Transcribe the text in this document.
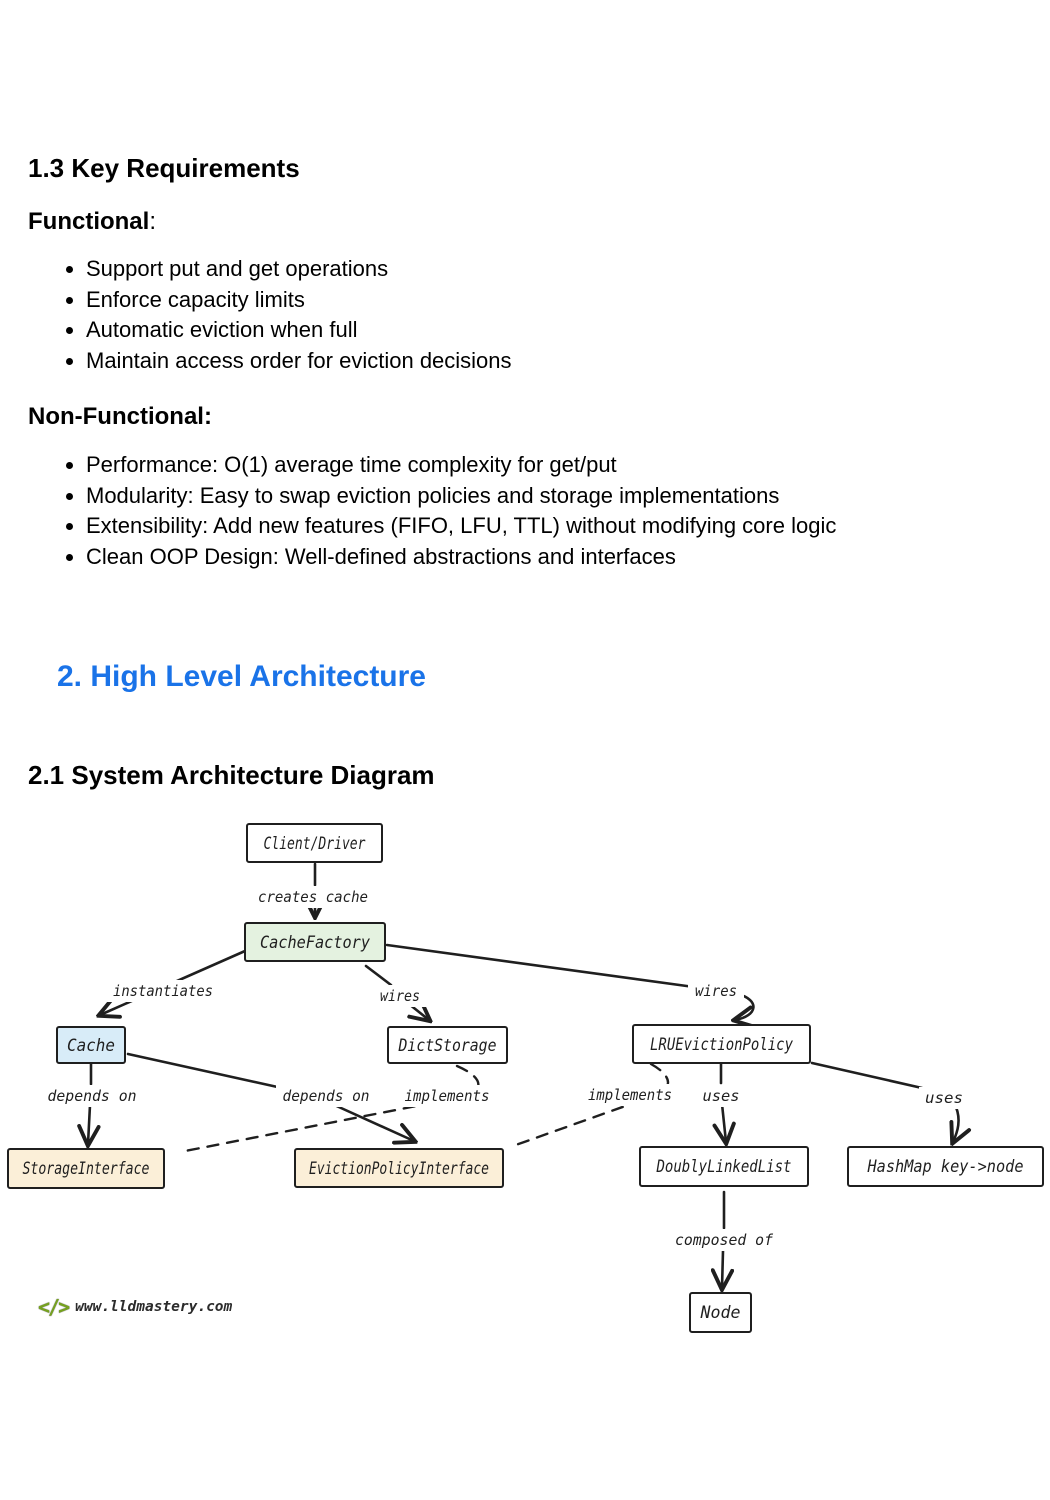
1.3 Key Requirements
Functional:
• Support put and get operations
• Enforce capacity limits
• Automatic eviction when full
• Maintain access order for eviction decisions
Non-Functional:
• Performance: O(1) average time complexity for get/put
• Modularity: Easy to swap eviction policies and storage implementations
• Extensibility: Add new features (FIFO, LFU, TTL) without modifying core logic
• Clean OOP Design: Well-defined abstractions and interfaces
2. High Level Architecture
2.1 System Architecture Diagram
creates cache
instantiates	wires	wires
depends on	depends on implements	implements uses	uses
composed of
Client/Driver
CacheFactory
Cache	DictStorage	LRUEvictionPolicy
StorageInterface	EvictionPolicyInterface	DoublyLinkedList	HashMap key->node
Node
</> www.lldmastery.com
